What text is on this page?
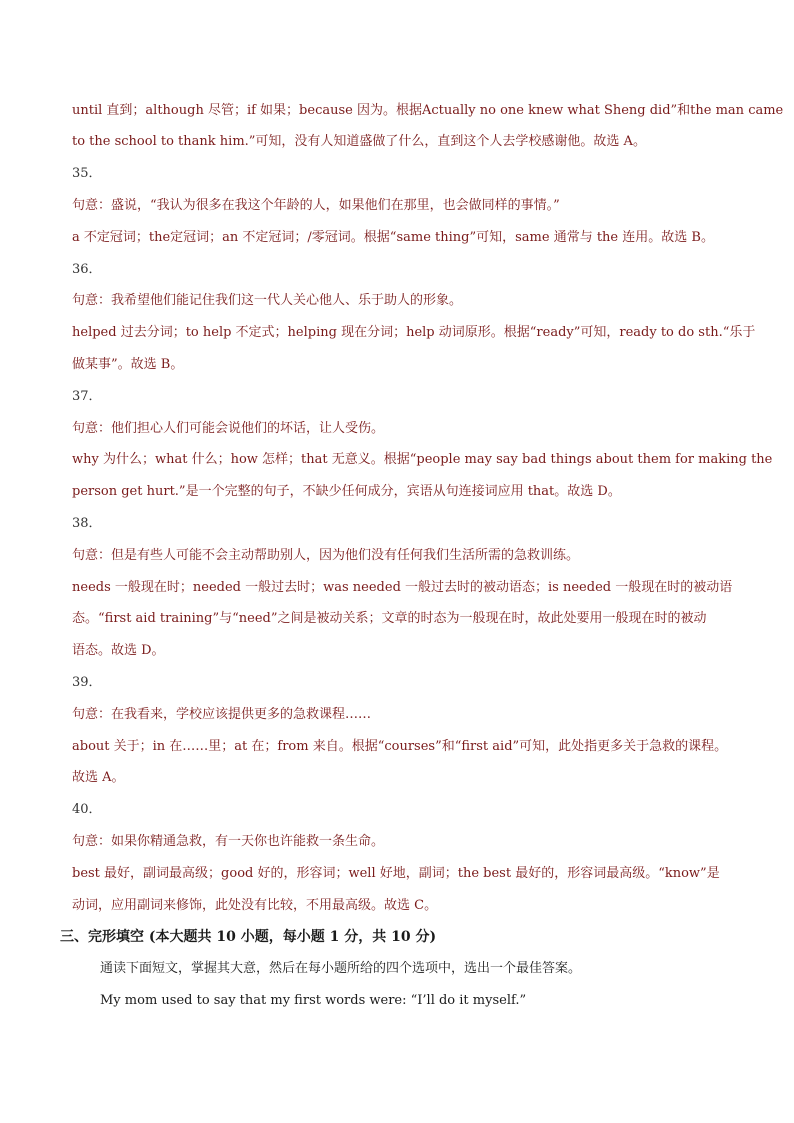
until 直到；although 尽管；if 如果；because 因为。根据Actually no one knew what Sheng did”和the man came
to the school to thank him.”可知，没有人知道盛做了什么，直到这个人去学校感谢他。故选 A。
35．
句意：盛说，“我认为很多在我这个年龄的人，如果他们在那里，也会做同样的事情。”
a 不定冠词；the定冠词；an 不定冠词；/零冠词。根据“same thing”可知，same 通常与 the 连用。故选 B。
36．
句意：我希望他们能记住我们这一代人关心他人、乐于助人的形象。
helped 过去分词；to help 不定式；helping 现在分词；help 动词原形。根据“ready”可知，ready to do sth.“乐于
做某事”。故选 B。
37．
句意：他们担心人们可能会说他们的坏话，让人受伤。
why 为什么；what 什么；how 怎样；that 无意义。根据“people may say bad things about them for making the
person get hurt.”是一个完整的句子，不缺少任何成分，宾语从句连接词应用 that。故选 D。
38．
句意：但是有些人可能不会主动帮助别人，因为他们没有任何我们生活所需的急救训练。
needs 一般现在时；needed 一般过去时；was needed 一般过去时的被动语态；is needed 一般现在时的被动语
态。“first aid training”与“need”之间是被动关系；文章的时态为一般现在时，故此处要用一般现在时的被动
语态。故选 D。
39．
句意：在我看来，学校应该提供更多的急救课程……
about 关于；in 在……里；at 在；from 来自。根据“courses”和“first aid”可知，此处指更多关于急救的课程。
故选 A。
40．
句意：如果你精通急救，有一天你也许能救一条生命。
best 最好，副词最高级；good 好的，形容词；well 好地，副词；the best 最好的，形容词最高级。“know”是
动词，应用副词来修饰，此处没有比较，不用最高级。故选 C。
三、完形填空 (本大题共 10 小题，每小题 1 分，共 10 分)
通读下面短文，掌握其大意，然后在每小题所给的四个选项中，选出一个最佳答案。
My mom used to say that my first words were: “I’ll do it myself.”
